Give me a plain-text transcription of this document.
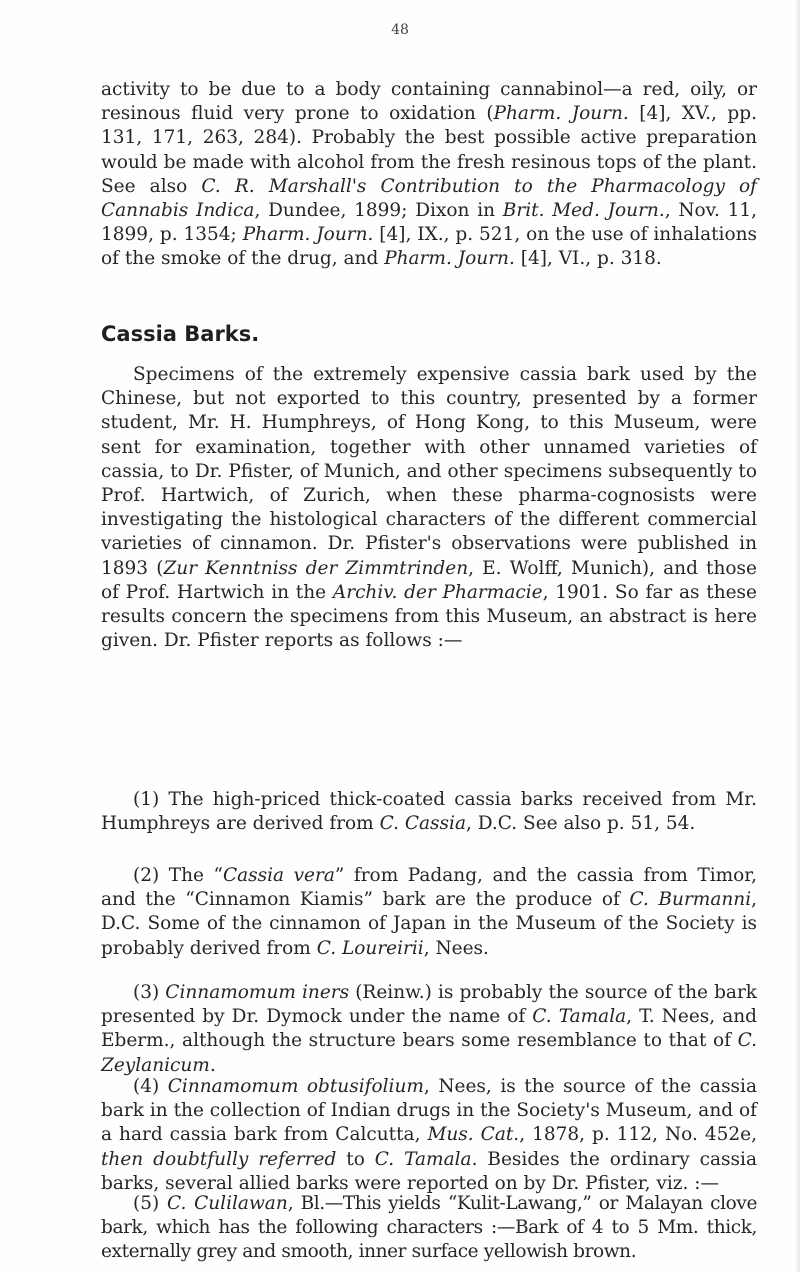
48

activity to be due to a body containing cannabinol—a red, oily, or resinous fluid very prone to oxidation (Pharm. Journ. [4], XV., pp. 131, 171, 263, 284). Probably the best possible active preparation would be made with alcohol from the fresh resinous tops of the plant. See also C. R. Marshall's Contribution to the Pharmacology of Cannabis Indica, Dundee, 1899; Dixon in Brit. Med. Journ., Nov. 11, 1899, p. 1354; Pharm. Journ. [4], IX., p. 521, on the use of inhalations of the smoke of the drug, and Pharm. Journ. [4], VI., p. 318.

Cassia Barks.

Specimens of the extremely expensive cassia bark used by the Chinese, but not exported to this country, presented by a former student, Mr. H. Humphreys, of Hong Kong, to this Museum, were sent for examination, together with other unnamed varieties of cassia, to Dr. Pfister, of Munich, and other specimens subsequently to Prof. Hartwich, of Zurich, when these pharma-cognosists were investigating the histological characters of the different commercial varieties of cinnamon. Dr. Pfister's observations were published in 1893 (Zur Kenntniss der Zimmtrinden, E. Wolff, Munich), and those of Prof. Hartwich in the Archiv. der Pharmacie, 1901. So far as these results concern the specimens from this Museum, an abstract is here given. Dr. Pfister reports as follows :—

(1) The high-priced thick-coated cassia barks received from Mr. Humphreys are derived from C. Cassia, D.C. See also p. 51, 54.

(2) The “Cassia vera” from Padang, and the cassia from Timor, and the “Cinnamon Kiamis” bark are the produce of C. Burmanni, D.C. Some of the cinnamon of Japan in the Museum of the Society is probably derived from C. Loureirii, Nees.

(3) Cinnamomum iners (Reinw.) is probably the source of the bark presented by Dr. Dymock under the name of C. Tamala, T. Nees, and Eberm., although the structure bears some resemblance to that of C. Zeylanicum.

(4) Cinnamomum obtusifolium, Nees, is the source of the cassia bark in the collection of Indian drugs in the Society's Museum, and of a hard cassia bark from Calcutta, Mus. Cat., 1878, p. 112, No. 452e, then doubtfully referred to C. Tamala. Besides the ordinary cassia barks, several allied barks were reported on by Dr. Pfister, viz. :—

(5) C. Culilawan, Bl.—This yields “Kulit-Lawang,” or Malayan clove bark, which has the following characters :—Bark of 4 to 5 Mm. thick, externally grey and smooth, inner surface yellowish brown.
